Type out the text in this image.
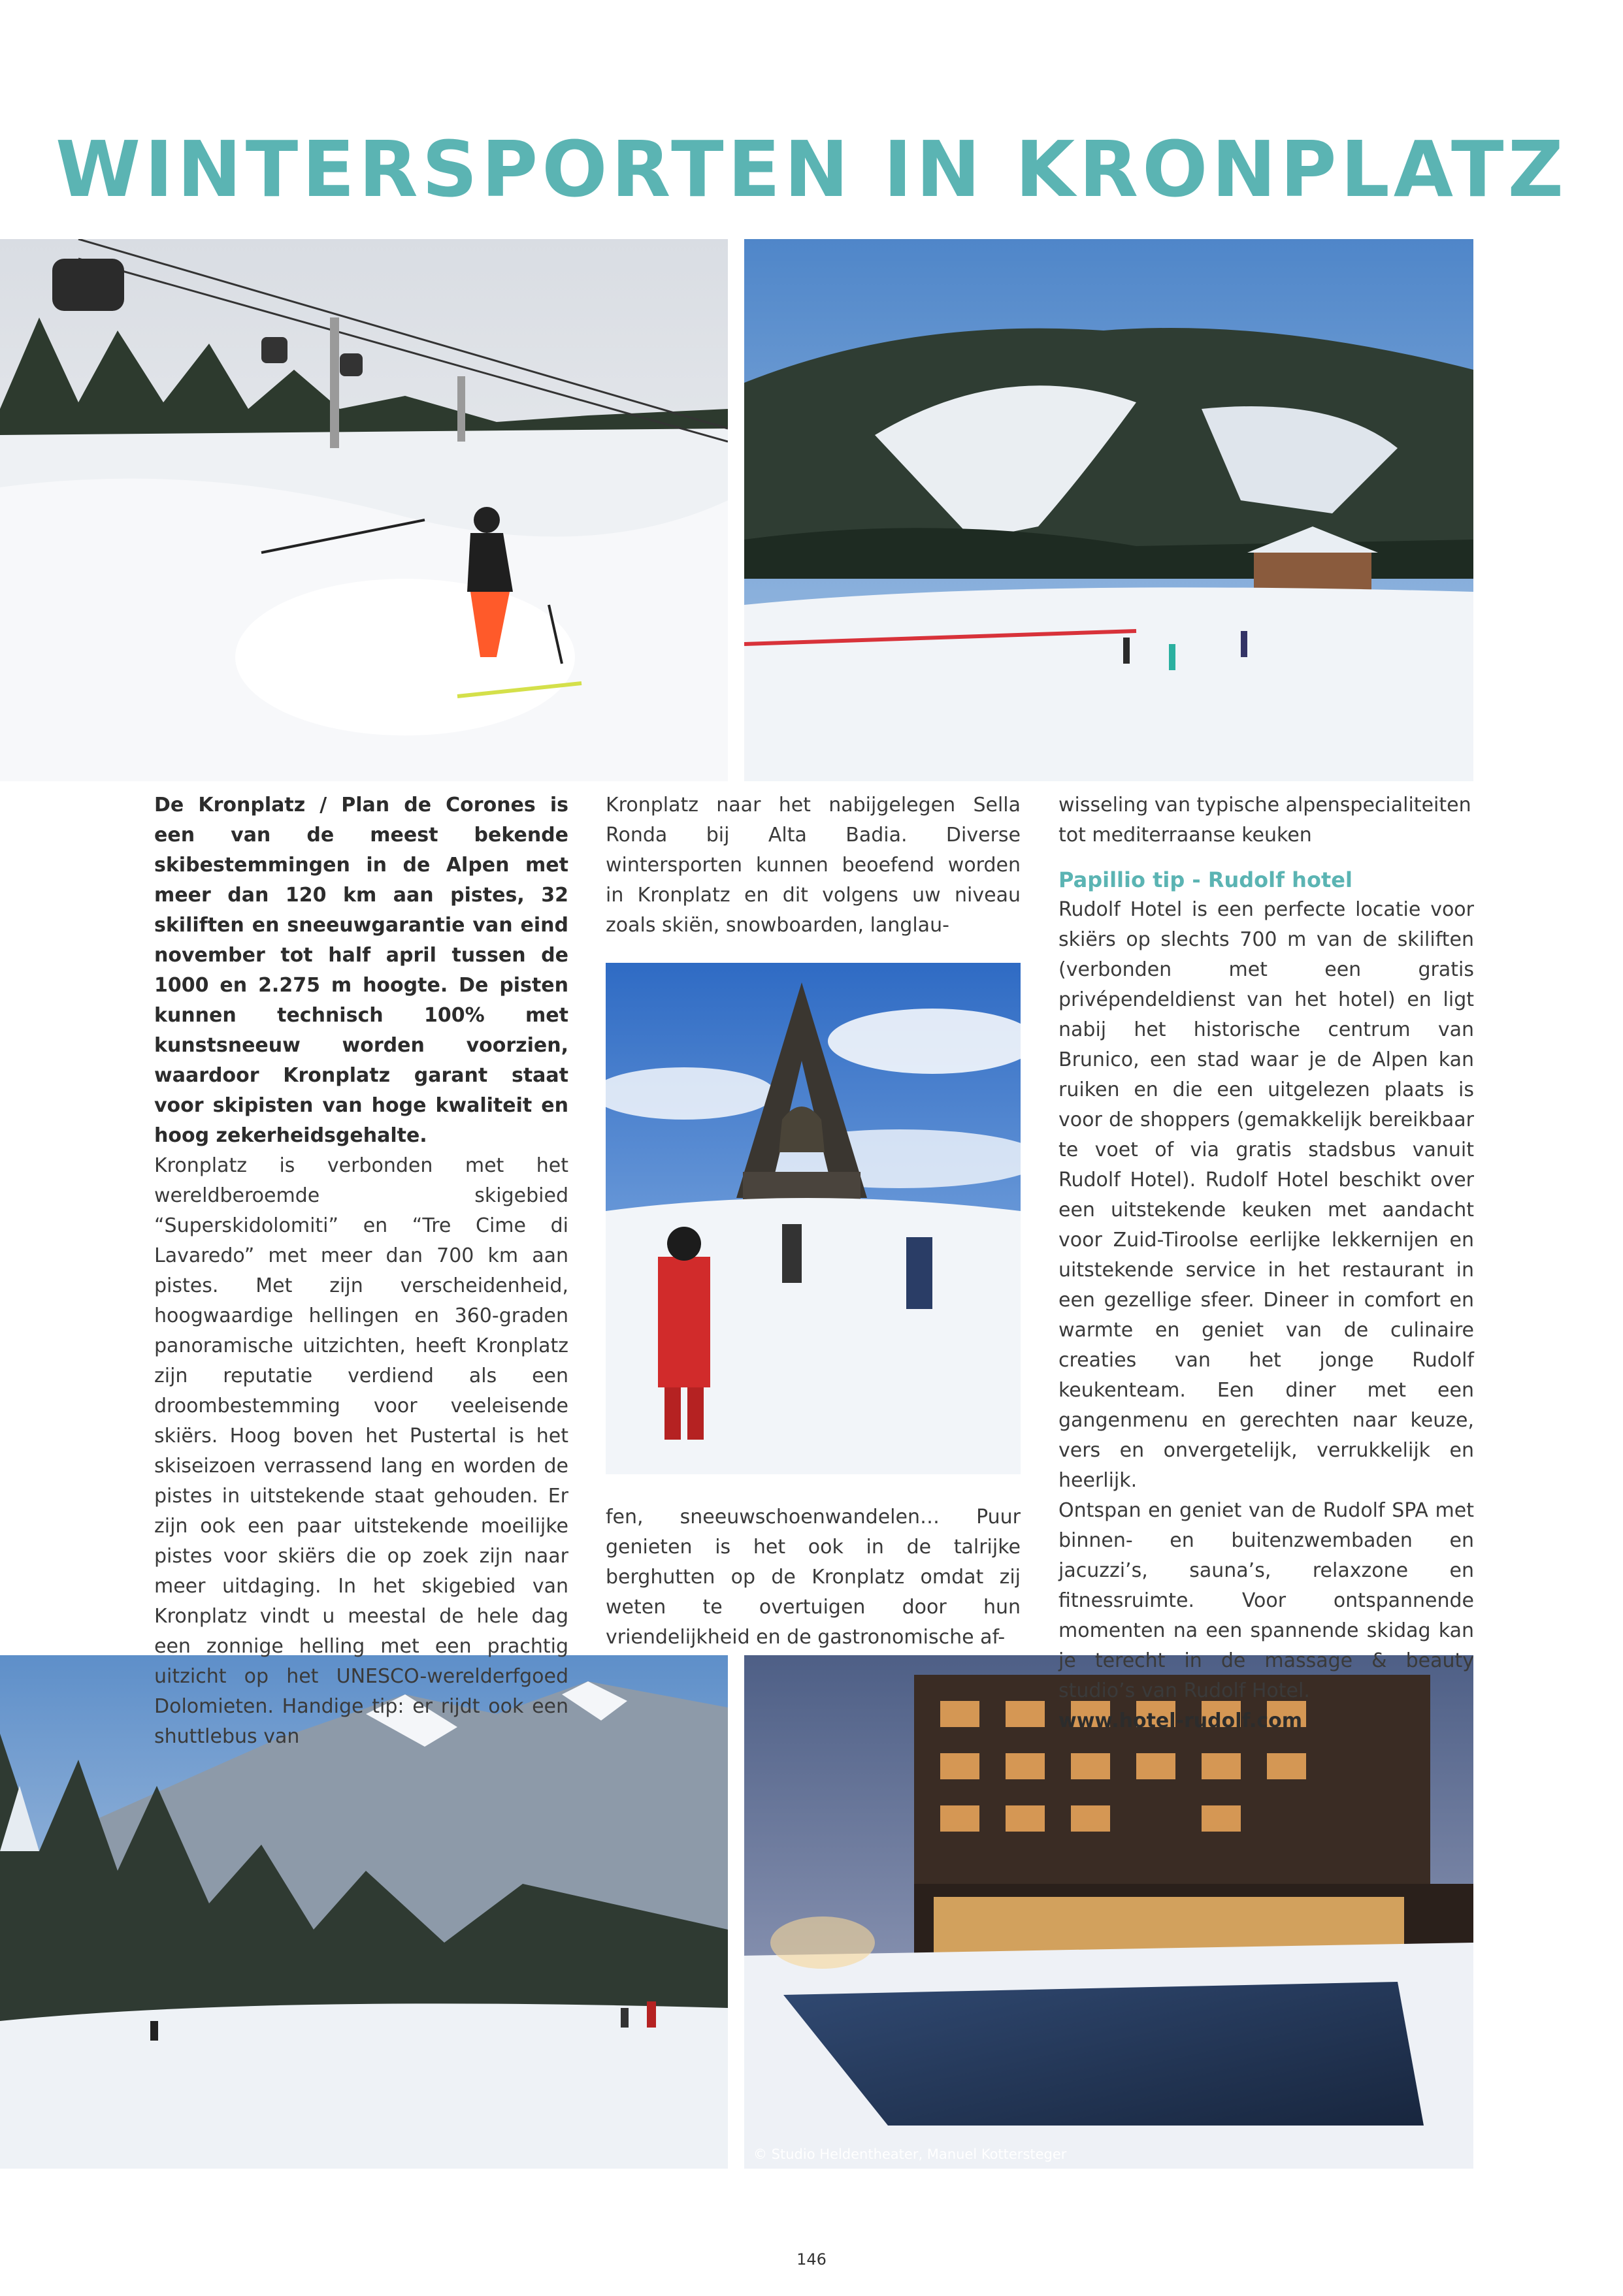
WINTERSPORTEN IN KRONPLATZ
© Studio Heldentheater, Manuel Kottersteger

De Kronplatz / Plan de Corones is een van de meest bekende skibestemmingen in de Alpen met meer dan 120 km aan pistes, 32 skiliften en sneeuwgarantie van eind november tot half april tussen de 1000 en 2.275 m hoogte. De pisten kunnen technisch 100% met kunstsneeuw worden voorzien, waardoor Kronplatz garant staat voor skipisten van hoge kwaliteit en hoog zekerheidsgehalte.

Kronplatz is verbonden met het wereldberoemde skigebied “Superskidolomiti” en “Tre Cime di Lavaredo” met meer dan 700 km aan pistes. Met zijn verscheidenheid, hoogwaardige hellingen en 360-graden panoramische uitzichten, heeft Kronplatz zijn reputatie verdiend als een droombestemming voor veeleisende skiërs. Hoog boven het Pustertal is het skiseizoen verrassend lang en worden de pistes in uitstekende staat gehouden. Er zijn ook een paar uitstekende moeilijke pistes voor skiërs die op zoek zijn naar meer uitdaging. In het skigebied van Kronplatz vindt u meestal de hele dag een zonnige helling met een prachtig uitzicht op het UNESCO-werelderfgoed Dolomieten. Handige tip: er rijdt ook een shuttlebus van

Kronplatz naar het nabijgelegen Sella Ronda bij Alta Badia. Diverse wintersporten kunnen beoefend worden in Kronplatz en dit volgens uw niveau zoals skiën, snowboarden, langlau-

fen, sneeuwschoenwandelen… Puur genieten is het ook in de talrijke berghutten op de Kronplatz omdat zij weten te overtuigen door hun vriendelijkheid en de gastronomische af-

wisseling van typische alpenspecialiteiten tot mediterraanse keuken

Papillio tip - Rudolf hotel

Rudolf Hotel is een perfecte locatie voor skiërs op slechts 700 m van de skiliften (verbonden met een gratis privépendeldienst van het hotel) en ligt nabij het historische centrum van Brunico, een stad waar je de Alpen kan ruiken en die een uitgelezen plaats is voor de shoppers (gemakkelijk bereikbaar te voet of via gratis stadsbus vanuit Rudolf Hotel). Rudolf Hotel beschikt over een uitstekende keuken met aandacht voor Zuid-Tiroolse eerlijke lekkernijen en uitstekende service in het restaurant in een gezellige sfeer. Dineer in comfort en warmte en geniet van de culinaire creaties van het jonge Rudolf keukenteam. Een diner met een gangenmenu en gerechten naar keuze, vers en onvergetelijk, verrukkelijk en heerlijk.

Ontspan en geniet van de Rudolf SPA met binnen- en buitenzwembaden en jacuzzi’s, sauna’s, relaxzone en fitnessruimte. Voor ontspannende momenten na een spannende skidag kan je terecht in de massage & beauty studio’s van Rudolf Hotel.

www.hotel-rudolf.com

146
